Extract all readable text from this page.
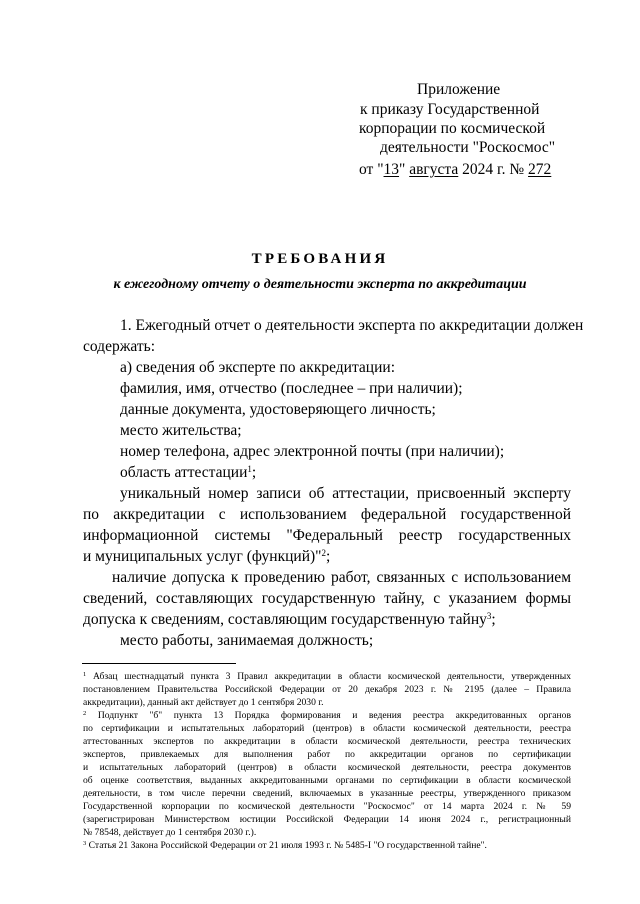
Приложение
к приказу Государственной
корпорации по космической
деятельности "Роскосмос"
от "13" августа 2024 г. № 272
ТРЕБОВАНИЯ
к ежегодному отчету о деятельности эксперта по аккредитации
1. Ежегодный отчет о деятельности эксперта по аккредитации должен
содержать:
а) сведения об эксперте по аккредитации:
фамилия, имя, отчество (последнее – при наличии);
данные документа, удостоверяющего личность;
место жительства;
номер телефона, адрес электронной почты (при наличии);
область аттестации$^1$;
уникальный номер записи об аттестации, присвоенный эксперту
по аккредитации с использованием федеральной государственной
информационной системы "Федеральный реестр государственных
и муниципальных услуг (функций)"$^2$;
наличие допуска к проведению работ, связанных с использованием
сведений, составляющих государственную тайну, с указанием формы
допуска к сведениям, составляющим государственную тайну$^3$;
место работы, занимаемая должность;
$^1$ Абзац шестнадцатый пункта 3 Правил аккредитации в области космической деятельности, утвержденных
постановлением Правительства Российской Федерации от 20 декабря 2023 г. № 2195 (далее – Правила
аккредитации), данный акт действует до 1 сентября 2030 г.
$^2$ Подпункт "б" пункта 13 Порядка формирования и ведения реестра аккредитованных органов
по сертификации и испытательных лабораторий (центров) в области космической деятельности, реестра
аттестованных экспертов по аккредитации в области космической деятельности, реестра технических
экспертов, привлекаемых для выполнения работ по аккредитации органов по сертификации
и испытательных лабораторий (центров) в области космической деятельности, реестра документов
об оценке соответствия, выданных аккредитованными органами по сертификации в области космической
деятельности, в том числе перечни сведений, включаемых в указанные реестры, утвержденного приказом
Государственной корпорации по космической деятельности "Роскосмос" от 14 марта 2024 г. № 59
(зарегистрирован Министерством юстиции Российской Федерации 14 июня 2024 г., регистрационный
№ 78548, действует до 1 сентября 2030 г.).
$^3$ Статья 21 Закона Российской Федерации от 21 июля 1993 г. № 5485-I "О государственной тайне".
